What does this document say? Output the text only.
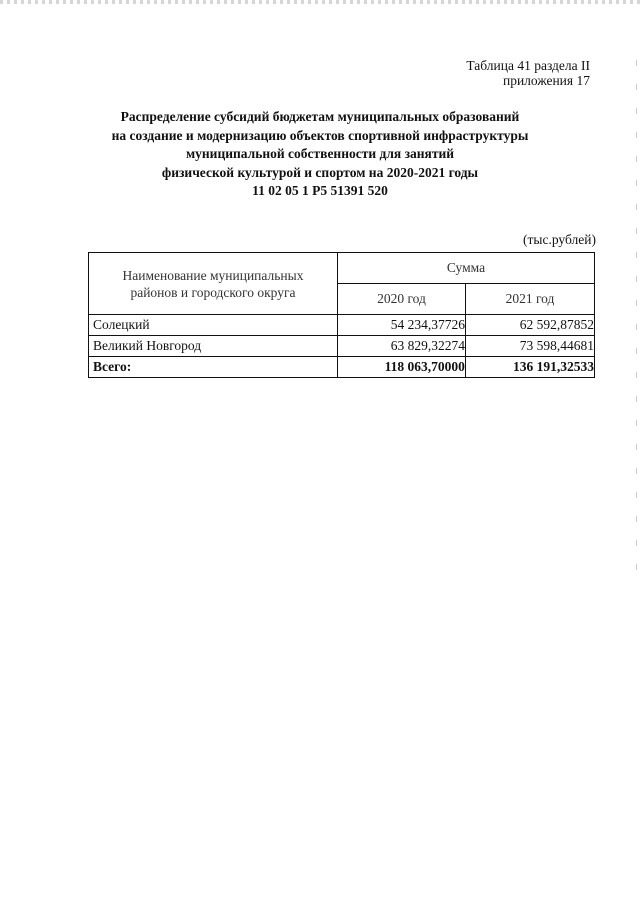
Таблица 41 раздела II
приложения 17
Распределение субсидий бюджетам муниципальных образований
на создание и модернизацию объектов спортивной инфраструктуры
муниципальной собственности для занятий
физической культурой и спортом на 2020-2021 годы
11 02 05 1 Р5 51391 520
(тыс.рублей)
Наименование муниципальных
районов и городского округа	Сумма	
	2020 год	2021 год
Солецкий	54 234,37726	62 592,87852
Великий Новгород	63 829,32274	73 598,44681
Всего:	118 063,70000	136 191,32533
